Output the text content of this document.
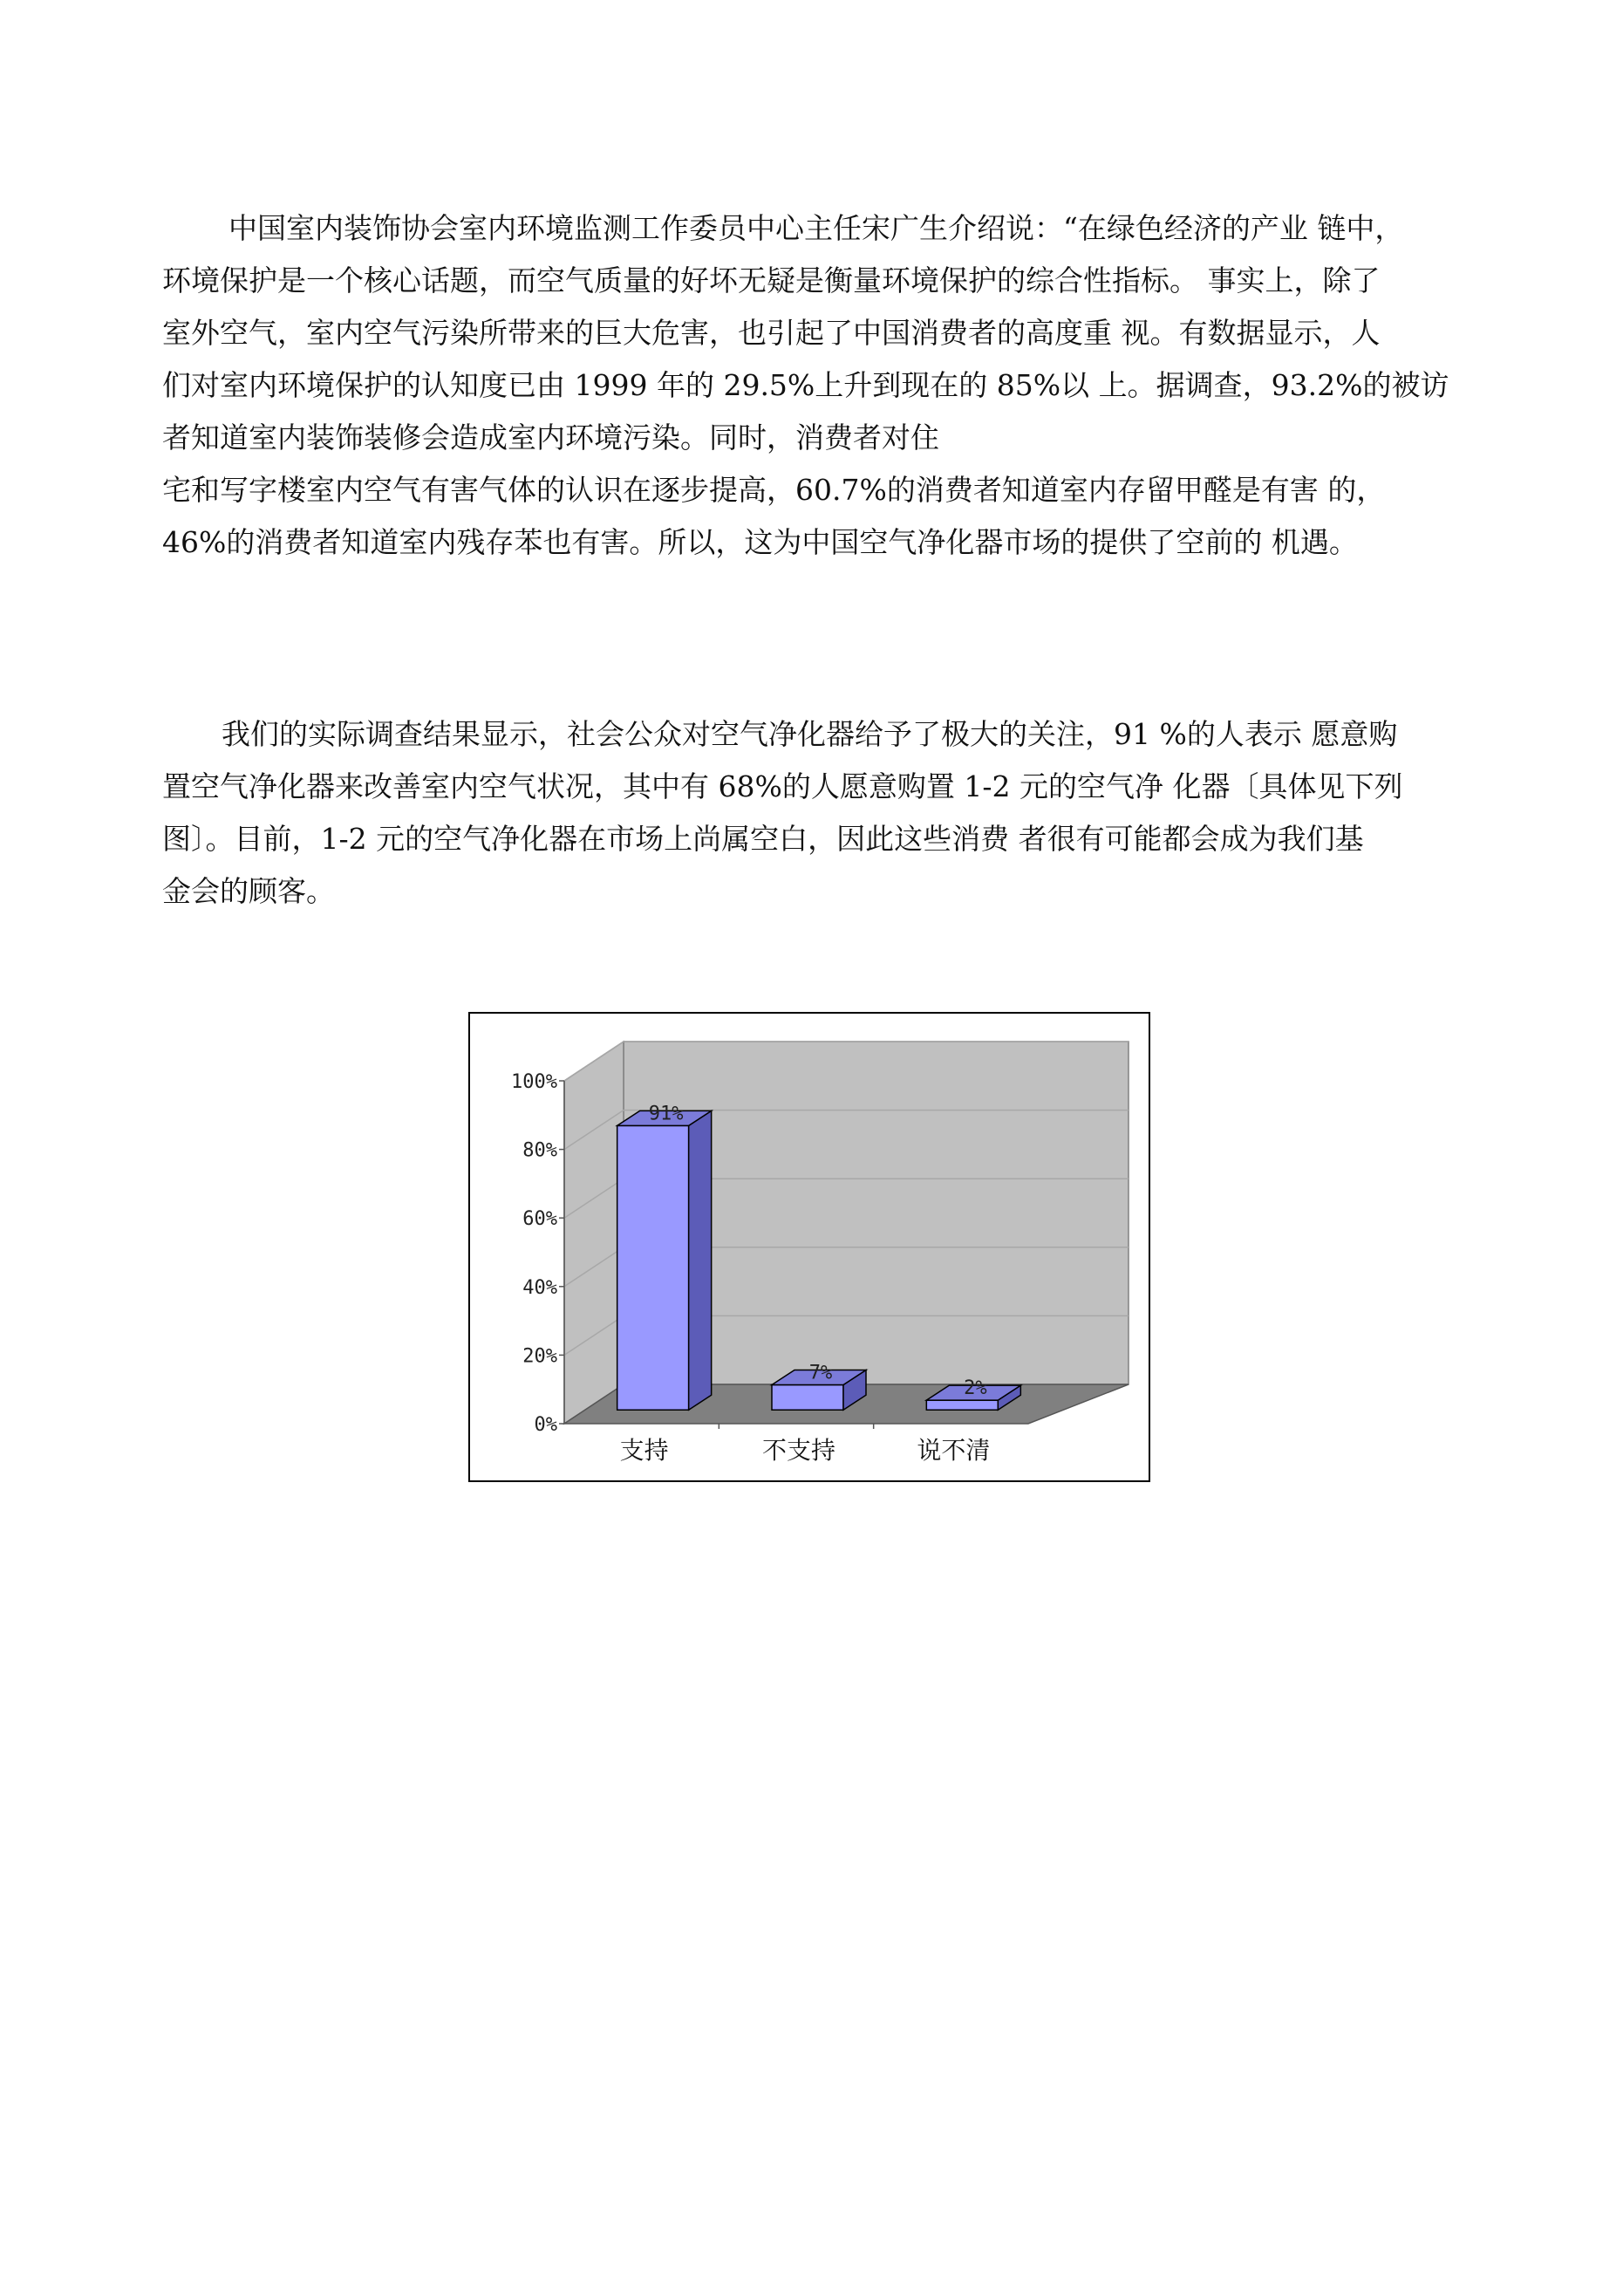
中国室内装饰协会室内环境监测工作委员中心主任宋广生介绍说：“在绿色经济的产业 链中，
环境保护是一个核心话题，而空气质量的好坏无疑是衡量环境保护的综合性指标。 事实上，除了
室外空气，室内空气污染所带来的巨大危害，也引起了中国消费者的高度重 视。有数据显示，人
们对室内环境保护的认知度已由 1999 年的 29.5%上升到现在的 85%以 上。据调查，93.2%的被访
者知道室内装饰装修会造成室内环境污染。同时，消费者对住
宅和写字楼室内空气有害气体的认识在逐步提高，60.7%的消费者知道室内存留甲醛是有害 的，
46%的消费者知道室内残存苯也有害。所以，这为中国空气净化器市场的提供了空前的 机遇。
我们的实际调查结果显示，社会公众对空气净化器给予了极大的关注，91 %的人表示 愿意购
置空气净化器来改善室内空气状况，其中有 68%的人愿意购置 1-2 元的空气净 化器〔具体见下列
图〕。目前，1-2 元的空气净化器在市场上尚属空白，因此这些消费 者很有可能都会成为我们基
金会的顾客。
0%
20%
40%
60%
80%
100%
91%
支持
7%
不支持
2%
说不清
